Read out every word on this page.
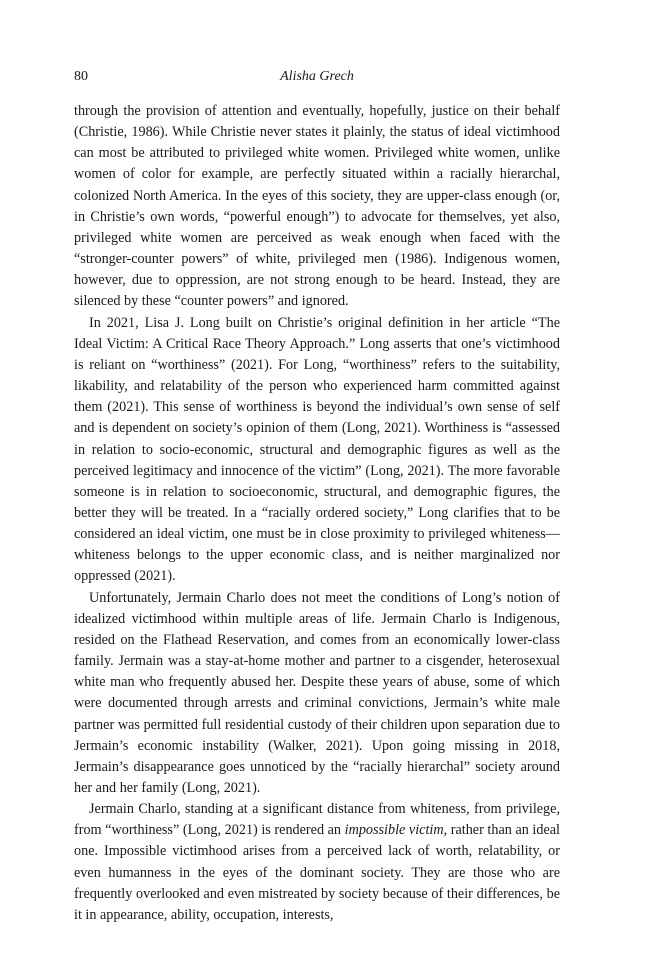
80	Alisha Grech

through the provision of attention and eventually, hopefully, justice on their behalf (Christie, 1986). While Christie never states it plainly, the status of ideal victimhood can most be attributed to privileged white women. Privileged white women, unlike women of color for example, are perfectly situated within a racially hierarchal, colonized North America. In the eyes of this society, they are upper-class enough (or, in Christie’s own words, “powerful enough”) to advocate for themselves, yet also, privileged white women are perceived as weak enough when faced with the “stronger-counter powers” of white, privileged men (1986). Indigenous women, however, due to oppression, are not strong enough to be heard. Instead, they are silenced by these “counter powers” and ignored.

In 2021, Lisa J. Long built on Christie’s original definition in her article “The Ideal Victim: A Critical Race Theory Approach.” Long asserts that one’s victimhood is reliant on “worthiness” (2021). For Long, “worthiness” refers to the suitability, likability, and relatability of the person who experienced harm committed against them (2021). This sense of worthiness is beyond the individual’s own sense of self and is dependent on society’s opinion of them (Long, 2021). Worthiness is “assessed in relation to socio-economic, structural and demographic figures as well as the perceived legitimacy and innocence of the victim” (Long, 2021). The more favorable someone is in relation to socioeconomic, structural, and demographic figures, the better they will be treated. In a “racially ordered society,” Long clarifies that to be considered an ideal victim, one must be in close proximity to privileged whiteness—whiteness belongs to the upper economic class, and is neither marginalized nor oppressed (2021).

Unfortunately, Jermain Charlo does not meet the conditions of Long’s notion of idealized victimhood within multiple areas of life. Jermain Charlo is Indigenous, resided on the Flathead Reservation, and comes from an economically lower-class family. Jermain was a stay-at-home mother and partner to a cisgender, heterosexual white man who frequently abused her. Despite these years of abuse, some of which were documented through arrests and criminal convictions, Jermain’s white male partner was permitted full residential custody of their children upon separation due to Jermain’s economic instability (Walker, 2021). Upon going missing in 2018, Jermain’s disappearance goes unnoticed by the “racially hierarchal” society around her and her family (Long, 2021).

Jermain Charlo, standing at a significant distance from whiteness, from privilege, from “worthiness” (Long, 2021) is rendered an impossible victim, rather than an ideal one. Impossible victimhood arises from a perceived lack of worth, relatability, or even humanness in the eyes of the dominant society. They are those who are frequently overlooked and even mistreated by society because of their differences, be it in appearance, ability, occupation, interests,
